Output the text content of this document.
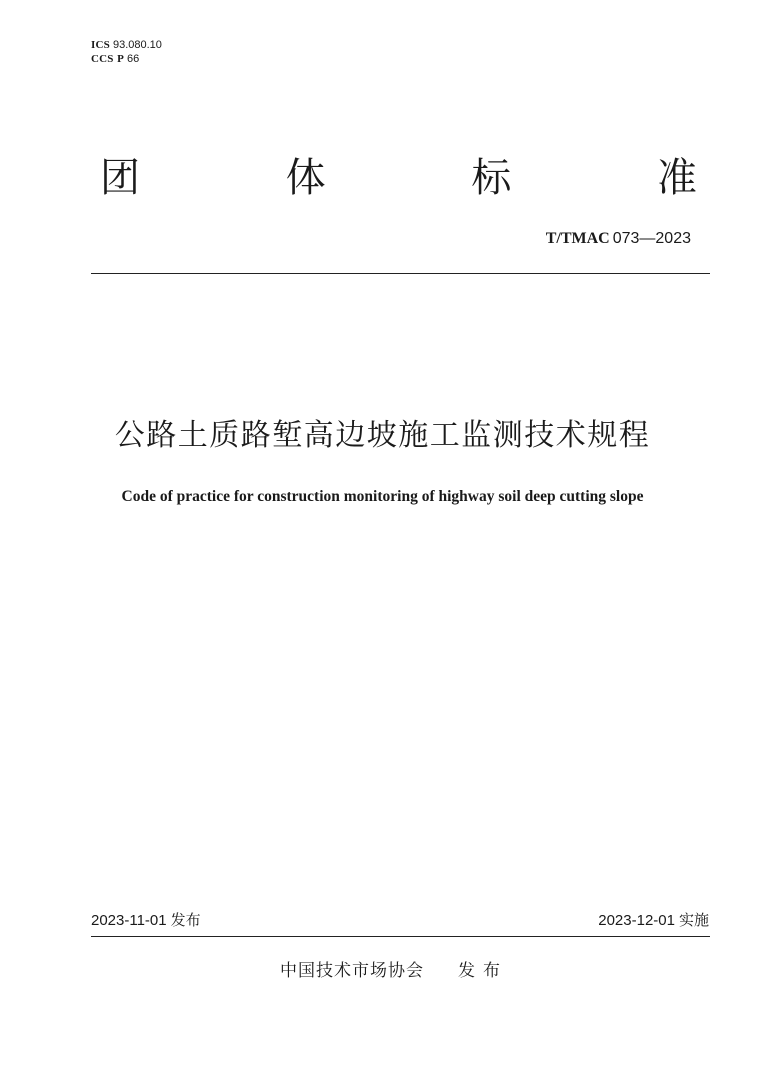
ICS 93.080.10
CCS P 66
团	体	标	准
T/TMAC 073—2023
公路土质路堑高边坡施工监测技术规程
Code of practice for construction monitoring of highway soil deep cutting slope
2023-11-01 发布	2023-12-01 实施
中国技术市场协会 发布
